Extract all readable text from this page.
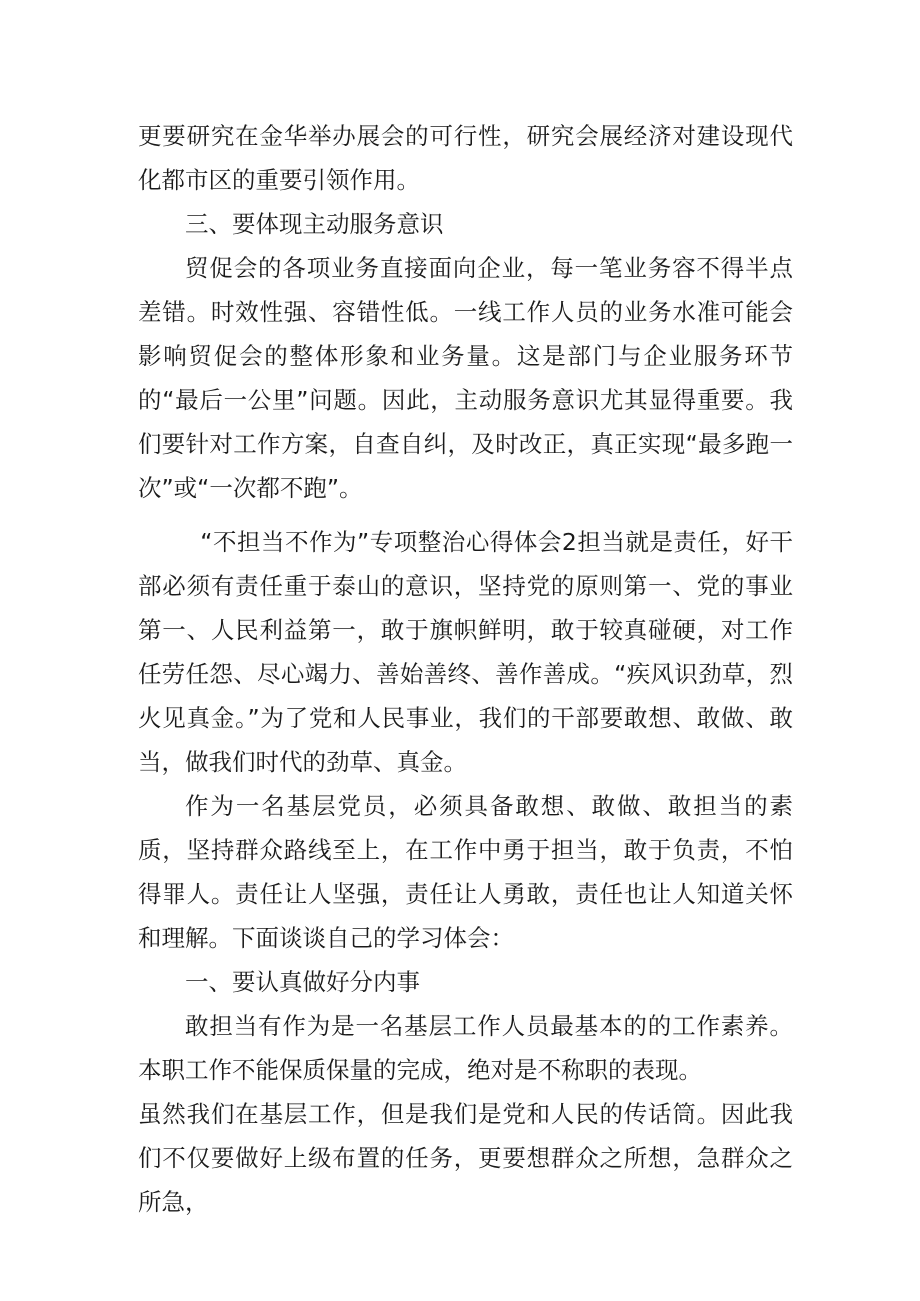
更要研究在金华举办展会的可行性，研究会展经济对建设现代化都市区的重要引领作用。

三、要体现主动服务意识

贸促会的各项业务直接面向企业，每一笔业务容不得半点差错。时效性强、容错性低。一线工作人员的业务水准可能会影响贸促会的整体形象和业务量。这是部门与企业服务环节的“最后一公里”问题。因此，主动服务意识尤其显得重要。我们要针对工作方案，自查自纠，及时改正，真正实现“最多跑一次”或“一次都不跑”。

“不担当不作为”专项整治心得体会2担当就是责任，好干部必须有责任重于泰山的意识，坚持党的原则第一、党的事业第一、人民利益第一，敢于旗帜鲜明，敢于较真碰硬，对工作任劳任怨、尽心竭力、善始善终、善作善成。“疾风识劲草，烈火见真金。”为了党和人民事业，我们的干部要敢想、敢做、敢当，做我们时代的劲草、真金。

作为一名基层党员，必须具备敢想、敢做、敢担当的素质，坚持群众路线至上，在工作中勇于担当，敢于负责，不怕得罪人。责任让人坚强，责任让人勇敢，责任也让人知道关怀和理解。下面谈谈自己的学习体会：

一、要认真做好分内事

敢担当有作为是一名基层工作人员最基本的的工作素养。本职工作不能保质保量的完成，绝对是不称职的表现。

虽然我们在基层工作，但是我们是党和人民的传话筒。因此我们不仅要做好上级布置的任务，更要想群众之所想，急群众之所急，
